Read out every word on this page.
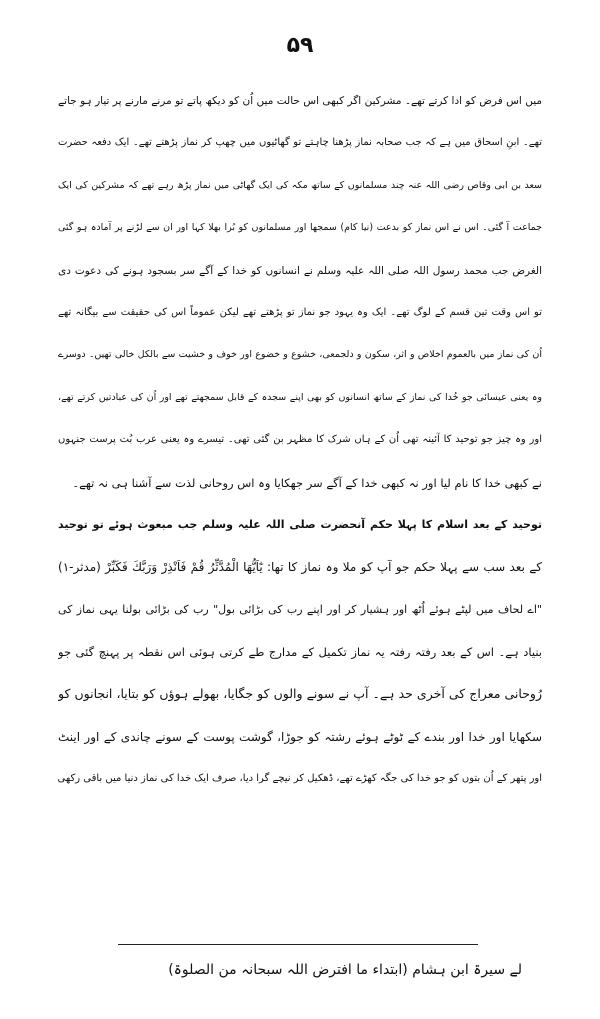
۵۹
میں اس فرض کو ادا کرتے تھے۔ مشرکین اگر کبھی اس حالت میں اُن کو دیکھ پاتے تو مرنے مارنے پر تیار ہو جاتے
تھے۔ ابنِ اسحاق میں ہے کہ جب صحابہ نماز پڑھنا چاہتے تو گھاٹیوں میں چھپ کر نماز پڑھتے تھے۔ ایک دفعہ حضرت
سعد بن ابی وقاص رضی اللہ عنہ چند مسلمانوں کے ساتھ مکہ کی ایک گھاٹی میں نماز پڑھ رہے تھے کہ مشرکین کی ایک
جماعت آ گئی۔ اس نے اس نماز کو بدعت (نیا کام) سمجھا اور مسلمانوں کو بُرا بھلا کہا اور ان سے لڑنے پر آمادہ ہو گئی
الغرض جب محمد رسول اللہ صلی اللہ علیہ وسلم نے انسانوں کو خدا کے آگے سر بسجود ہونے کی دعوت دی
تو اس وقت تین قسم کے لوگ تھے۔ ایک وہ یہود جو نماز تو پڑھتے تھے لیکن عموماً اس کی حقیقت سے بیگانہ تھے
اُن کی نماز میں بالعموم اخلاص و اثر، سکون و دلجمعی، خشوع و خضوع اور خوف و خشیت سے بالکل خالی تھیں۔ دوسرے
وہ یعنی عیسائی جو خُدا کی نماز کے ساتھ انسانوں کو بھی اپنے سجدہ کے قابل سمجھتے تھے اور اُن کی عبادتیں کرتے تھے،
اور وہ چیز جو توحید کا آئینہ تھی اُن کے ہاں شرک کا مظہر بن گئی تھی۔ تیسرے وہ یعنی عرب بُت پرست جنہوں
نے کبھی خدا کا نام لیا اور نہ کبھی خدا کے آگے سر جھکایا وہ اس روحانی لذت سے آشنا ہی نہ تھے۔
توحید کے بعد اسلام کا پہلا حکم آنحضرت صلی اللہ علیہ وسلم جب مبعوث ہوئے تو توحید
کے بعد سب سے پہلا حکم جو آپ کو ملا وہ نماز کا تھا: یٰٓاَیُّھَا الْمُدَّثِّرُ قُمْ فَاَنْذِرْ وَرَبَّكَ فَكَبِّرْ (مدثر-۱)
"اے لحاف میں لپٹے ہوئے اُٹھ اور ہشیار کر اور اپنے رب کی بڑائی بول" رب کی بڑائی بولنا یہی نماز کی
بنیاد ہے۔ اس کے بعد رفتہ رفتہ یہ نماز تکمیل کے مدارج طے کرتی ہوئی اس نقطہ پر پہنچ گئی جو
رُوحانی معراج کی آخری حد ہے۔ آپ نے سونے والوں کو جگایا، بھولے ہوؤں کو بتایا، انجانوں کو
سکھایا اور خدا اور بندے کے ٹوٹے ہوئے رشتہ کو جوڑا، گوشت پوست کے سونے چاندی کے اور اینٹ
اور پتھر کے اُن بتوں کو جو خدا کی جگہ کھڑے تھے، ڈھکیل کر نیچے گرا دیا، صرف ایک خدا کی نماز دنیا میں باقی رکھی
لے سیرۃ ابن ہشام (ابتداء ما افترض اللہ سبحانہ من الصلوۃ)
